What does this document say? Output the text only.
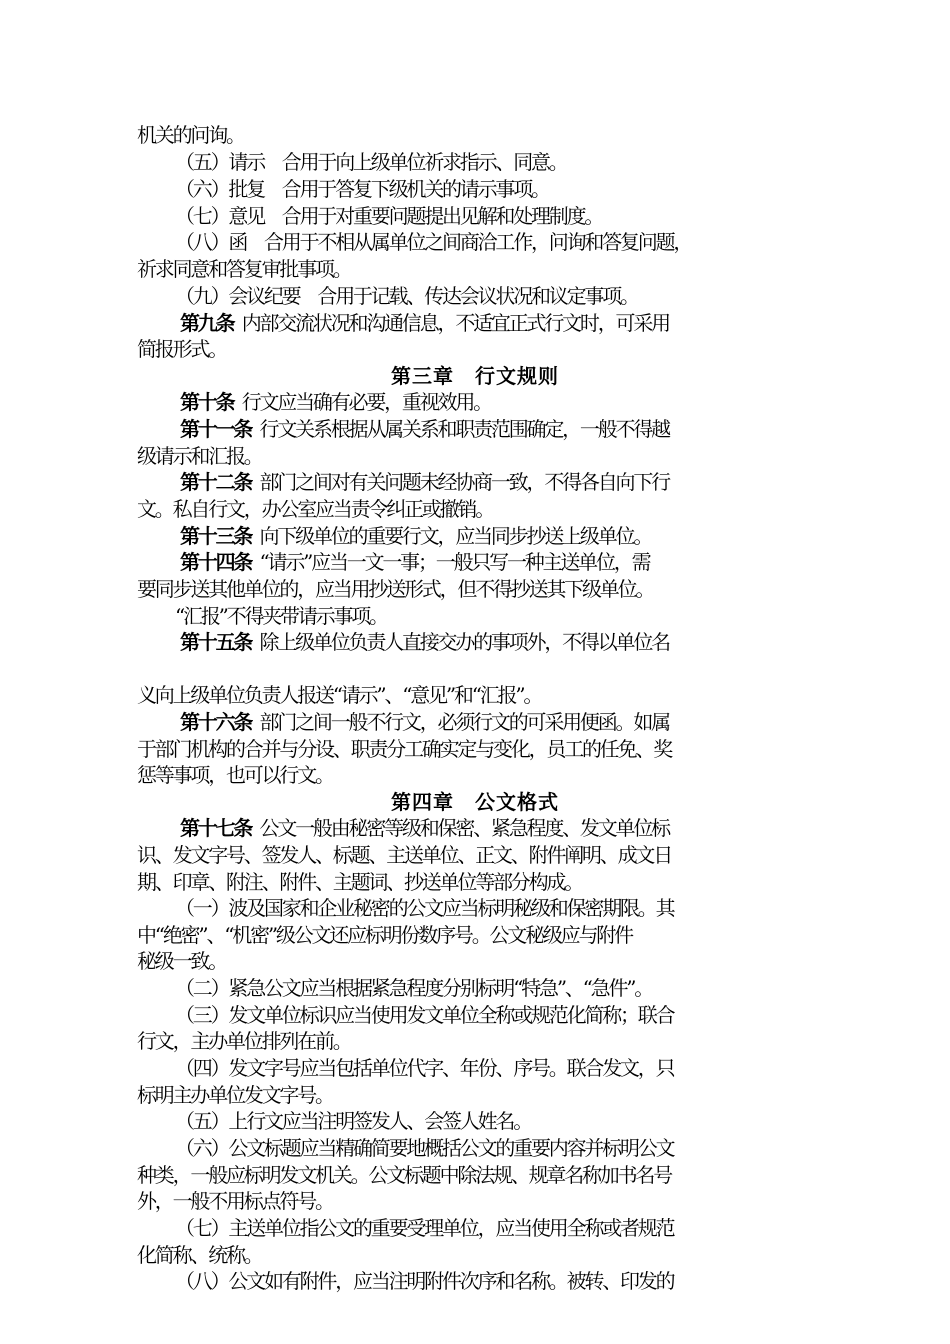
机关的问询。
（五）请示　合用于向上级单位祈求指示、同意。
（六）批复　合用于答复下级机关的请示事项。
（七）意见　合用于对重要问题提出见解和处理制度。
（八）函　合用于不相从属单位之间商洽工作，问询和答复问题，
祈求同意和答复审批事项。
（九）会议纪要　合用于记载、传达会议状况和议定事项。
第九条 内部交流状况和沟通信息，不适宜正式行文时，可采用
简报形式。
第三章　行文规则
第十条 行文应当确有必要，重视效用。
第十一条 行文关系根据从属关系和职责范围确定，一般不得越
级请示和汇报。
第十二条 部门之间对有关问题未经协商一致，不得各自向下行
文。私自行文，办公室应当责令纠正或撤销。
第十三条 向下级单位的重要行文，应当同步抄送上级单位。
第十四条 “请示”应当一文一事；一般只写一种主送单位，需
要同步送其他单位的，应当用抄送形式，但不得抄送其下级单位。
“汇报”不得夹带请示事项。
第十五条 除上级单位负责人直接交办的事项外，不得以单位名
义向上级单位负责人报送“请示”、“意见”和“汇报”。
第十六条 部门之间一般不行文，必须行文的可采用便函。如属
于部门机构的合并与分设、职责分工确实定与变化，员工的任免、奖
惩等事项，也可以行文。
第四章　公文格式
第十七条 公文一般由秘密等级和保密、紧急程度、发文单位标
识、发文字号、签发人、标题、主送单位、正文、附件阐明、成文日
期、印章、附注、附件、主题词、抄送单位等部分构成。
（一）波及国家和企业秘密的公文应当标明秘级和保密期限。其
中“绝密”、“机密”级公文还应标明份数序号。公文秘级应与附件
秘级一致。
（二）紧急公文应当根据紧急程度分别标明“特急”、“急件”。
（三）发文单位标识应当使用发文单位全称或规范化简称；联合
行文，主办单位排列在前。
（四）发文字号应当包括单位代字、年份、序号。联合发文，只
标明主办单位发文字号。
（五）上行文应当注明签发人、会签人姓名。
（六）公文标题应当精确简要地概括公文的重要内容并标明公文
种类，一般应标明发文机关。公文标题中除法规、规章名称加书名号
外，一般不用标点符号。
（七）主送单位指公文的重要受理单位，应当使用全称或者规范
化简称、统称。
（八）公文如有附件，应当注明附件次序和名称。被转、印发的
